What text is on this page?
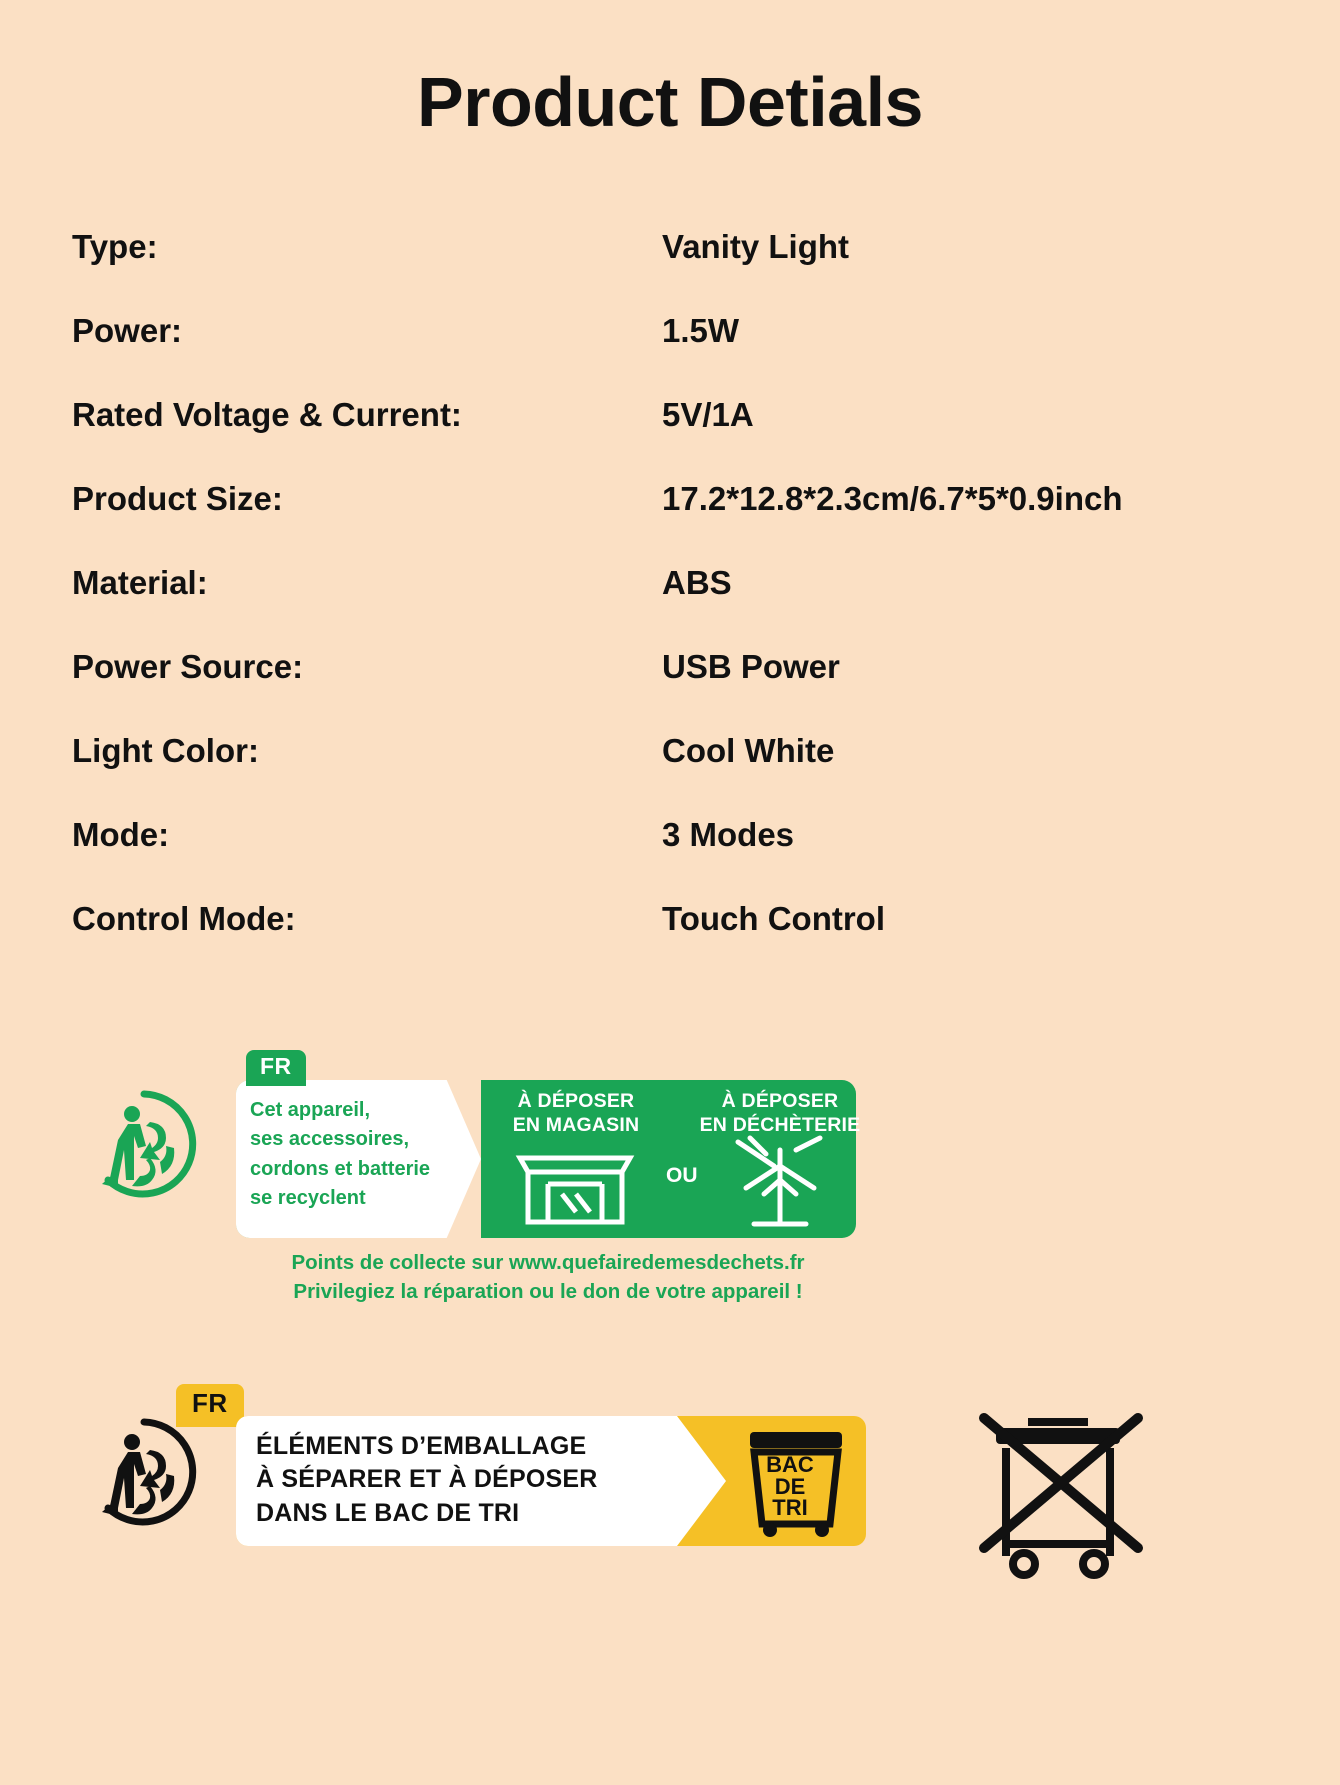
Product Detials
Type:	Vanity Light
Power:	1.5W
Rated Voltage & Current:	5V/1A
Product Size:	17.2*12.8*2.3cm/6.7*5*0.9inch
Material:	ABS
Power Source:	USB Power
Light Color:	Cool White
Mode:	3 Modes
Control Mode:	Touch Control
FR
Cet appareil,
ses accessoires,
cordons et batterie
se recyclent
À DÉPOSER
EN MAGASIN
OU
À DÉPOSER
EN DÉCHÈTERIE
Points de collecte sur www.quefairedemesdechets.fr
Privilegiez la réparation ou le don de votre appareil !
FR
ÉLÉMENTS D’EMBALLAGE
À SÉPARER ET À DÉPOSER
DANS LE BAC DE TRI
BAC
DE
TRI
